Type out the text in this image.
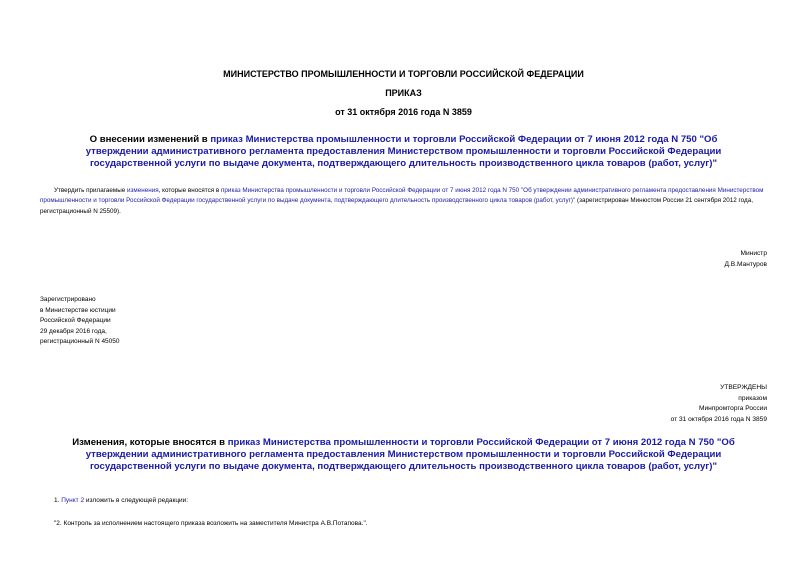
МИНИСТЕРСТВО ПРОМЫШЛЕННОСТИ И ТОРГОВЛИ РОССИЙСКОЙ ФЕДЕРАЦИИ
ПРИКАЗ
от 31 октября 2016 года N 3859
О внесении изменений в приказ Министерства промышленности и торговли Российской Федерации от 7 июня 2012 года N 750 "Об утверждении административного регламента предоставления Министерством промышленности и торговли Российской Федерации государственной услуги по выдаче документа, подтверждающего длительность производственного цикла товаров (работ, услуг)"
Утвердить прилагаемые изменения, которые вносятся в приказ Министерства промышленности и торговли Российской Федерации от 7 июня 2012 года N 750 "Об утверждении административного регламента предоставления Министерством промышленности и торговли Российской Федерации государственной услуги по выдаче документа, подтверждающего длительность производственного цикла товаров (работ, услуг)" (зарегистрирован Минюстом России 21 сентября 2012 года, регистрационный N 25509).
Министр
Д.В.Мантуров
Зарегистрировано
в Министерстве юстиции
Российской Федерации
29 декабря 2016 года,
регистрационный N 45050
УТВЕРЖДЕНЫ
приказом
Минпромторга России
от 31 октября 2016 года N 3859
Изменения, которые вносятся в приказ Министерства промышленности и торговли Российской Федерации от 7 июня 2012 года N 750 "Об утверждении административного регламента предоставления Министерством промышленности и торговли Российской Федерации государственной услуги по выдаче документа, подтверждающего длительность производственного цикла товаров (работ, услуг)"
1. Пункт 2 изложить в следующей редакции:
"2. Контроль за исполнением настоящего приказа возложить на заместителя Министра А.В.Потапова.".
